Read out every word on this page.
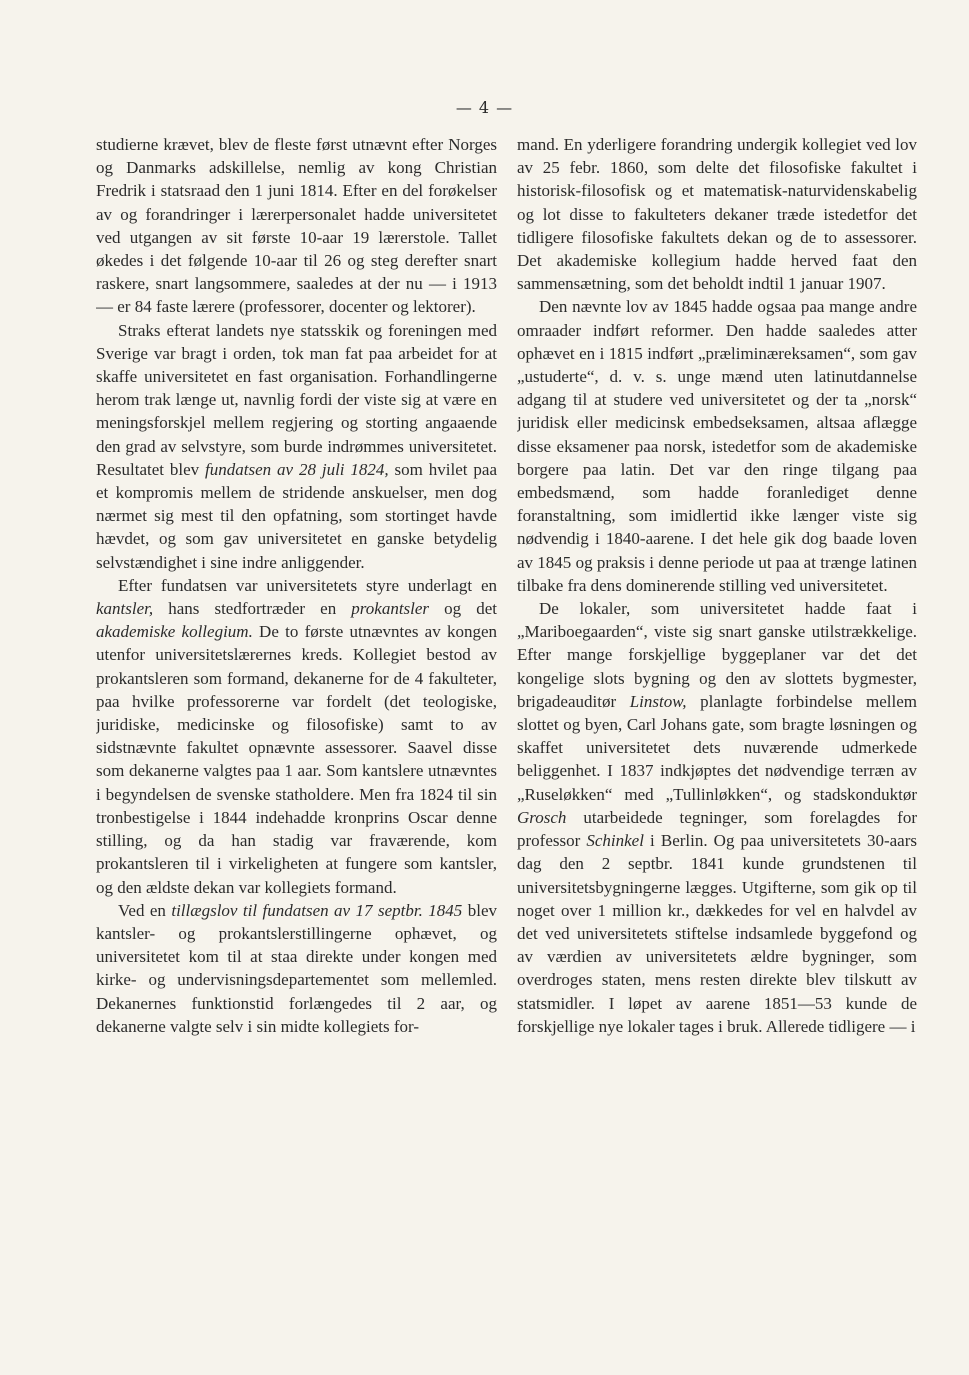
— 4 —

studierne krævet, blev de fleste først utnævnt efter Norges og Danmarks adskillelse, nemlig av kong Christian Fredrik i statsraad den 1 juni 1814. Efter en del forøkelser av og forandringer i lærerpersonalet hadde universitetet ved utgangen av sit første 10-aar 19 lærerstole. Tallet økedes i det følgende 10-aar til 26 og steg derefter snart raskere, snart langsommere, saaledes at der nu — i 1913 — er 84 faste lærere (professorer, docenter og lektorer).

Straks efterat landets nye statsskik og foreningen med Sverige var bragt i orden, tok man fat paa arbeidet for at skaffe universitetet en fast organisation. Forhandlingerne herom trak længe ut, navnlig fordi der viste sig at være en meningsforskjel mellem regjering og storting angaaende den grad av selvstyre, som burde indrømmes universitetet. Resultatet blev fundatsen av 28 juli 1824, som hvilet paa et kompromis mellem de stridende anskuelser, men dog nærmet sig mest til den opfatning, som stortinget havde hævdet, og som gav universitetet en ganske betydelig selvstændighet i sine indre anliggender.

Efter fundatsen var universitetets styre underlagt en kantsler, hans stedfortræder en prokantsler og det akademiske kollegium. De to første utnævntes av kongen utenfor universitetslærernes kreds. Kollegiet bestod av prokantsleren som formand, dekanerne for de 4 fakulteter, paa hvilke professorerne var fordelt (det teologiske, juridiske, medicinske og filosofiske) samt to av sidstnævnte fakultet opnævnte assessorer. Saavel disse som dekanerne valgtes paa 1 aar. Som kantslere utnævntes i begyndelsen de svenske statholdere. Men fra 1824 til sin tronbestigelse i 1844 indehadde kronprins Oscar denne stilling, og da han stadig var fraværende, kom prokantsleren til i virkeligheten at fungere som kantsler, og den ældste dekan var kollegiets formand.

Ved en tillægslov til fundatsen av 17 septbr. 1845 blev kantsler- og prokantslerstillingerne ophævet, og universitetet kom til at staa direkte under kongen med kirke- og undervisningsdepartementet som mellemled. Dekanernes funktionstid forlængedes til 2 aar, og dekanerne valgte selv i sin midte kollegiets for-

mand. En yderligere forandring undergik kollegiet ved lov av 25 febr. 1860, som delte det filosofiske fakultet i historisk-filosofisk og et matematisk-naturvidenskabelig og lot disse to fakulteters dekaner træde istedetfor det tidligere filosofiske fakultets dekan og de to assessorer. Det akademiske kollegium hadde herved faat den sammensætning, som det beholdt indtil 1 januar 1907.

Den nævnte lov av 1845 hadde ogsaa paa mange andre omraader indført reformer. Den hadde saaledes atter ophævet en i 1815 indført „præliminæreksamen“, som gav „ustuderte“, d. v. s. unge mænd uten latinutdannelse adgang til at studere ved universitetet og der ta „norsk“ juridisk eller medicinsk embedseksamen, altsaa aflægge disse eksamener paa norsk, istedetfor som de akademiske borgere paa latin. Det var den ringe tilgang paa embedsmænd, som hadde foranlediget denne foranstaltning, som imidlertid ikke længer viste sig nødvendig i 1840-aarene. I det hele gik dog baade loven av 1845 og praksis i denne periode ut paa at trænge latinen tilbake fra dens dominerende stilling ved universitetet.

De lokaler, som universitetet hadde faat i „Mariboegaarden“, viste sig snart ganske utilstrækkelige. Efter mange forskjellige byggeplaner var det det kongelige slots bygning og den av slottets bygmester, brigadeauditør Linstow, planlagte forbindelse mellem slottet og byen, Carl Johans gate, som bragte løsningen og skaffet universitetet dets nuværende udmerkede beliggenhet. I 1837 indkjøptes det nødvendige terræn av „Ruseløkken“ med „Tullinløkken“, og stadskonduktør Grosch utarbeidede tegninger, som forelagdes for professor Schinkel i Berlin. Og paa universitetets 30-aars dag den 2 septbr. 1841 kunde grundstenen til universitetsbygningerne lægges. Utgifterne, som gik op til noget over 1 million kr., dækkedes for vel en halvdel av det ved universitetets stiftelse indsamlede byggefond og av værdien av universitetets ældre bygninger, som overdroges staten, mens resten direkte blev tilskutt av statsmidler. I løpet av aarene 1851—53 kunde de forskjellige nye lokaler tages i bruk. Allerede tidligere — i
